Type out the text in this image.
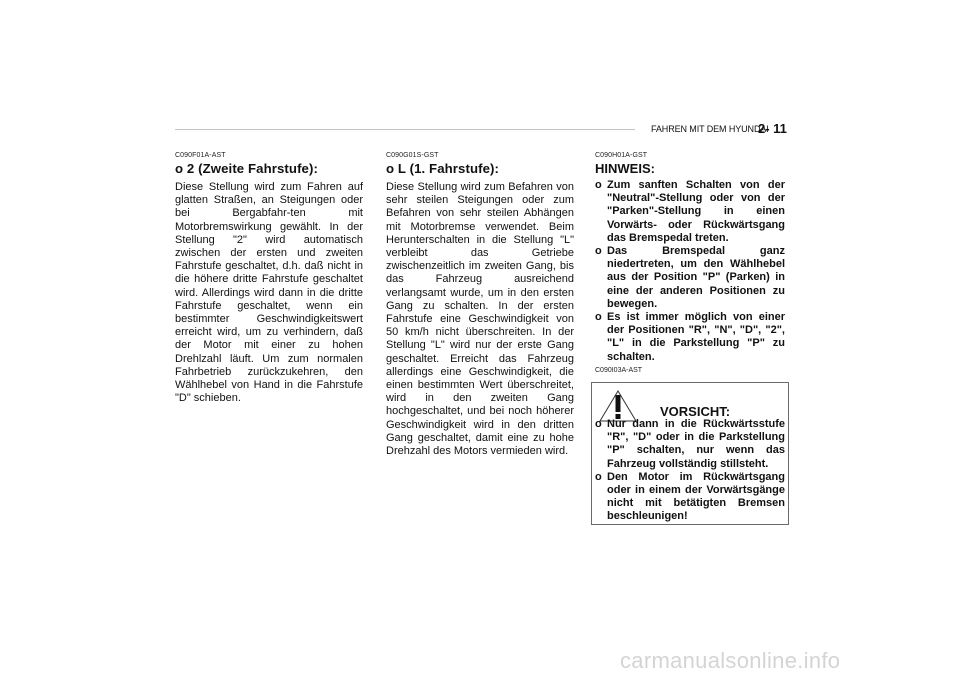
FAHREN MIT DEM HYUNDAI
2- 11
C090F01A-AST
o 2 (Zweite Fahrstufe):

Diese Stellung wird zum Fahren auf glatten Straßen, an Steigungen oder bei Bergabfahr-ten mit Motorbremswirkung gewählt. In der Stellung "2" wird automatisch zwischen der ersten und zweiten Fahrstufe geschaltet, d.h. daß nicht in die höhere dritte Fahrstufe geschaltet wird. Allerdings wird dann in die dritte Fahrstufe geschaltet, wenn ein bestimmter Geschwindigkeitswert erreicht wird, um zu verhindern, daß der Motor mit einer zu hohen Drehlzahl läuft. Um zum normalen Fahrbetrieb zurückzukehren, den Wählhebel von Hand in die Fahrstufe "D" schieben.

C090G01S-GST
o L (1. Fahrstufe):

Diese Stellung wird zum Befahren von sehr steilen Steigungen oder zum Befahren von sehr steilen Abhängen mit Motorbremse verwendet. Beim Herunterschalten in die Stellung "L" verbleibt das Getriebe zwischenzeitlich im zweiten Gang, bis das Fahrzeug ausreichend verlangsamt wurde, um in den ersten Gang zu schalten. In der ersten Fahrstufe eine Geschwindigkeit von 50 km/h nicht überschreiten. In der Stellung "L" wird nur der erste Gang geschaltet. Erreicht das Fahrzeug allerdings eine Geschwindigkeit, die einen bestimmten Wert überschreitet, wird in den zweiten Gang hochgeschaltet, und bei noch höherer Geschwindigkeit wird in den dritten Gang geschaltet, damit eine zu hohe Drehzahl des Motors vermieden wird.

C090H01A-GST
HINWEIS:
o Zum sanften Schalten von der "Neutral"-Stellung oder von der "Parken"-Stellung in einen Vorwärts- oder Rückwärtsgang das Bremspedal treten.
o Das Bremspedal ganz niedertreten, um den Wählhebel aus der Position "P" (Parken) in eine der anderen Positionen zu bewegen.
o Es ist immer möglich von einer der Positionen "R", "N", "D", "2", "L" in die Parkstellung "P" zu schalten.
C090I03A-AST
VORSICHT:
o Nur dann in die Rückwärtsstufe "R", "D" oder in die Parkstellung "P" schalten, nur wenn das Fahrzeug vollständig stillsteht.
o Den Motor im Rückwärtsgang oder in einem der Vorwärtsgänge nicht mit betätigten Bremsen beschleunigen!
carmanualsonline.info
